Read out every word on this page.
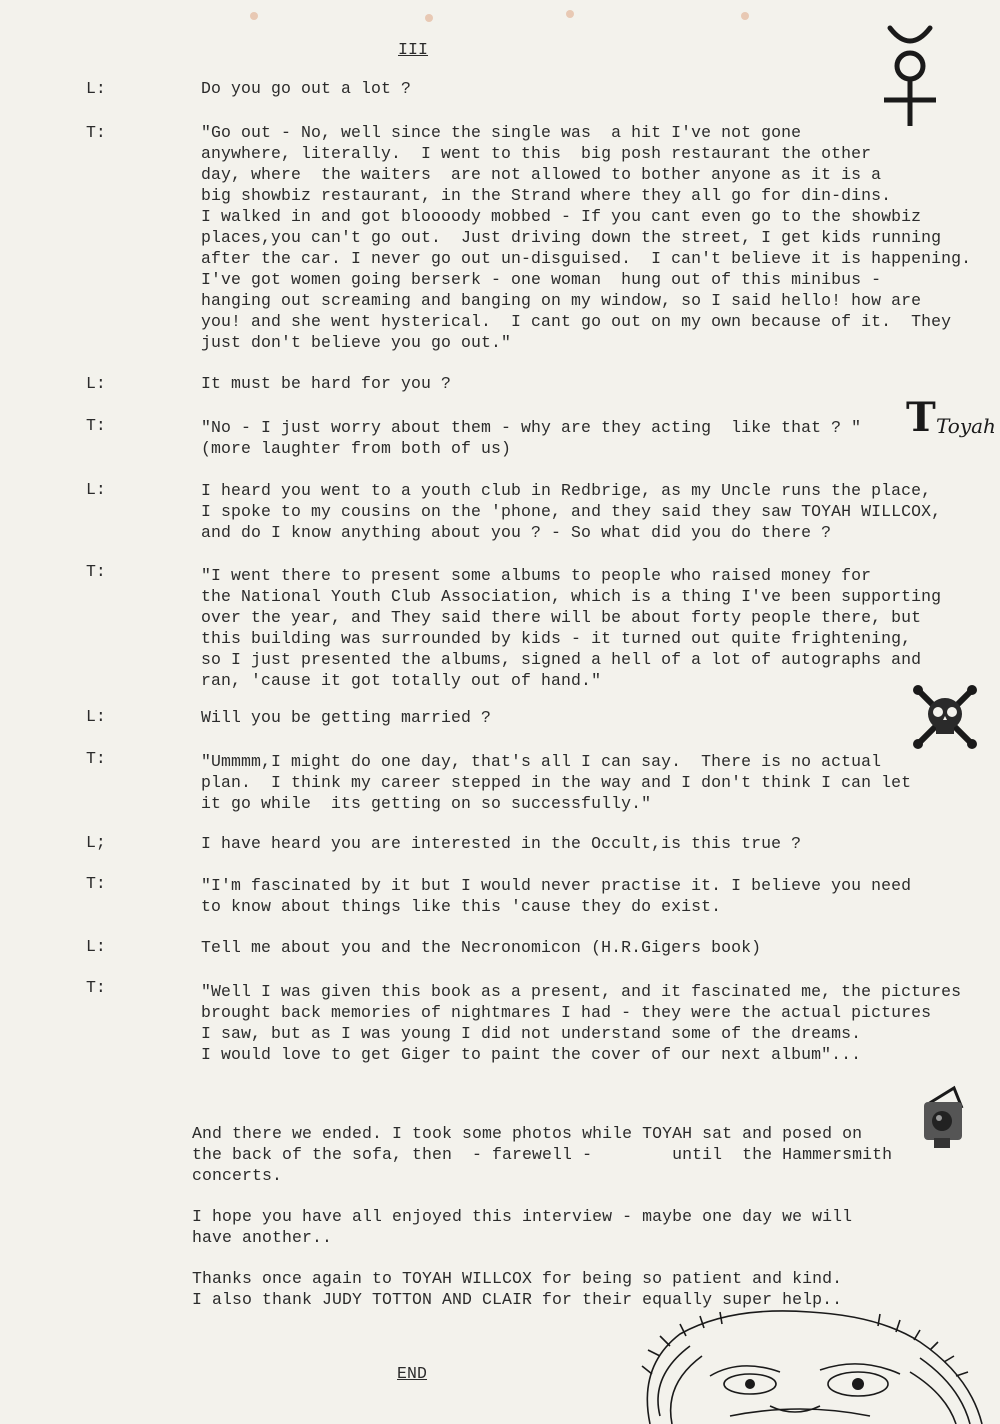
III
L:	Do you go out a lot ?
T:	"Go out - No, well since the single was  a hit I've not gone
anywhere, literally.  I went to this  big posh restaurant the other
day, where  the waiters  are not allowed to bother anyone as it is a
big showbiz restaurant, in the Strand where they all go for din-dins.
I walked in and got bloooody mobbed - If you cant even go to the showbiz
places,you can't go out.  Just driving down the street, I get kids running
after the car. I never go out un-disguised.  I can't believe it is happening.
I've got women going berserk - one woman  hung out of this minibus -
hanging out screaming and banging on my window, so I said hello! how are
you! and she went hysterical.  I cant go out on my own because of it.  They
just don't believe you go out."
L:	It must be hard for you ?
T:	"No - I just worry about them - why are they acting  like that ? "
(more laughter from both of us)
L:	I heard you went to a youth club in Redbrige, as my Uncle runs the place,
I spoke to my cousins on the 'phone, and they said they saw TOYAH WILLCOX,
and do I know anything about you ? - So what did you do there ?
T:	"I went there to present some albums to people who raised money for
the National Youth Club Association, which is a thing I've been supporting
over the year, and They said there will be about forty people there, but
this building was surrounded by kids - it turned out quite frightening,
so I just presented the albums, signed a hell of a lot of autographs and
ran, 'cause it got totally out of hand."
L:	Will you be getting married ?
T:	"Ummmm,I might do one day, that's all I can say.  There is no actual
plan.  I think my career stepped in the way and I don't think I can let
it go while  its getting on so successfully."
L;	I have heard you are interested in the Occult,is this true ?
T:	"I'm fascinated by it but I would never practise it. I believe you need
to know about things like this 'cause they do exist.
L:	Tell me about you and the Necronomicon (H.R.Gigers book)
T:	"Well I was given this book as a present, and it fascinated me, the pictures
brought back memories of nightmares I had - they were the actual pictures
I saw, but as I was young I did not understand some of the dreams.
I would love to get Giger to paint the cover of our next album"...
And there we ended. I took some photos while TOYAH sat and posed on
the back of the sofa, then  - farewell -        until  the Hammersmith
concerts.
I hope you have all enjoyed this interview - maybe one day we will
have another..
Thanks once again to TOYAH WILLCOX for being so patient and kind.
I also thank JUDY TOTTON AND CLAIR for their equally super help..
END
T Toyah
